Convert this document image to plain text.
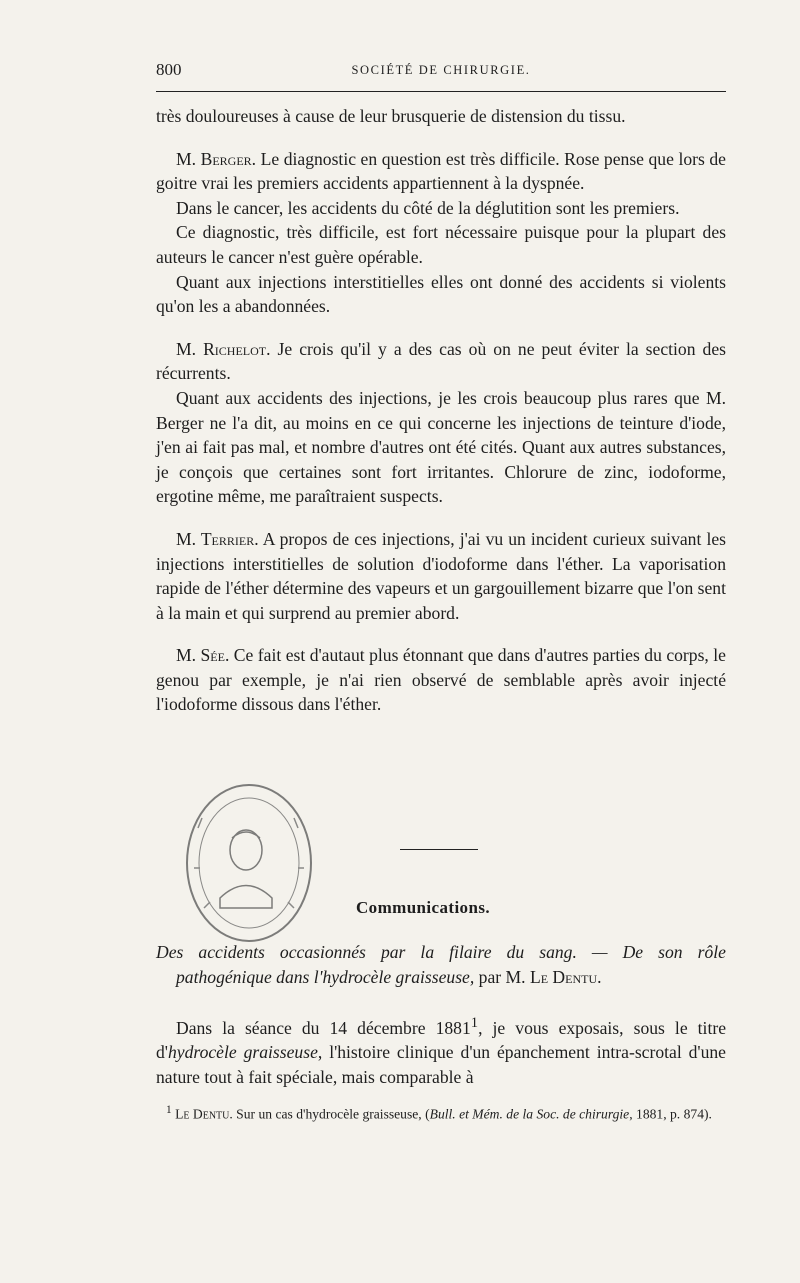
800	SOCIÉTÉ DE CHIRURGIE.

très douloureuses à cause de leur brusquerie de distension du tissu.

M. Berger. Le diagnostic en question est très difficile. Rose pense que lors de goitre vrai les premiers accidents appartiennent à la dyspnée.

Dans le cancer, les accidents du côté de la déglutition sont les premiers.

Ce diagnostic, très difficile, est fort nécessaire puisque pour la plupart des auteurs le cancer n'est guère opérable.

Quant aux injections interstitielles elles ont donné des accidents si violents qu'on les a abandonnées.

M. Richelot. Je crois qu'il y a des cas où on ne peut éviter la section des récurrents.

Quant aux accidents des injections, je les crois beaucoup plus rares que M. Berger ne l'a dit, au moins en ce qui concerne les injections de teinture d'iode, j'en ai fait pas mal, et nombre d'autres ont été cités. Quant aux autres substances, je conçois que certaines sont fort irritantes. Chlorure de zinc, iodoforme, ergotine même, me paraîtraient suspects.

M. Terrier. A propos de ces injections, j'ai vu un incident curieux suivant les injections interstitielles de solution d'iodoforme dans l'éther. La vaporisation rapide de l'éther détermine des vapeurs et un gargouillement bizarre que l'on sent à la main et qui surprend au premier abord.

M. Sée. Ce fait est d'autaut plus étonnant que dans d'autres parties du corps, le genou par exemple, je n'ai rien observé de semblable après avoir injecté l'iodoforme dissous dans l'éther.

Communications.
Des accidents occasionnés par la filaire du sang. — De son rôle
pathogénique dans l'hydrocèle graisseuse, par M. Le Dentu.

Dans la séance du 14 décembre 1881$^1$, je vous exposais, sous le titre d'hydrocèle graisseuse, l'histoire clinique d'un épanchement intra-scrotal d'une nature tout à fait spéciale, mais comparable à

$^1$ Le Dentu. Sur un cas d'hydrocèle graisseuse, (Bull. et Mém. de la Soc. de chirurgie, 1881, p. 874).
